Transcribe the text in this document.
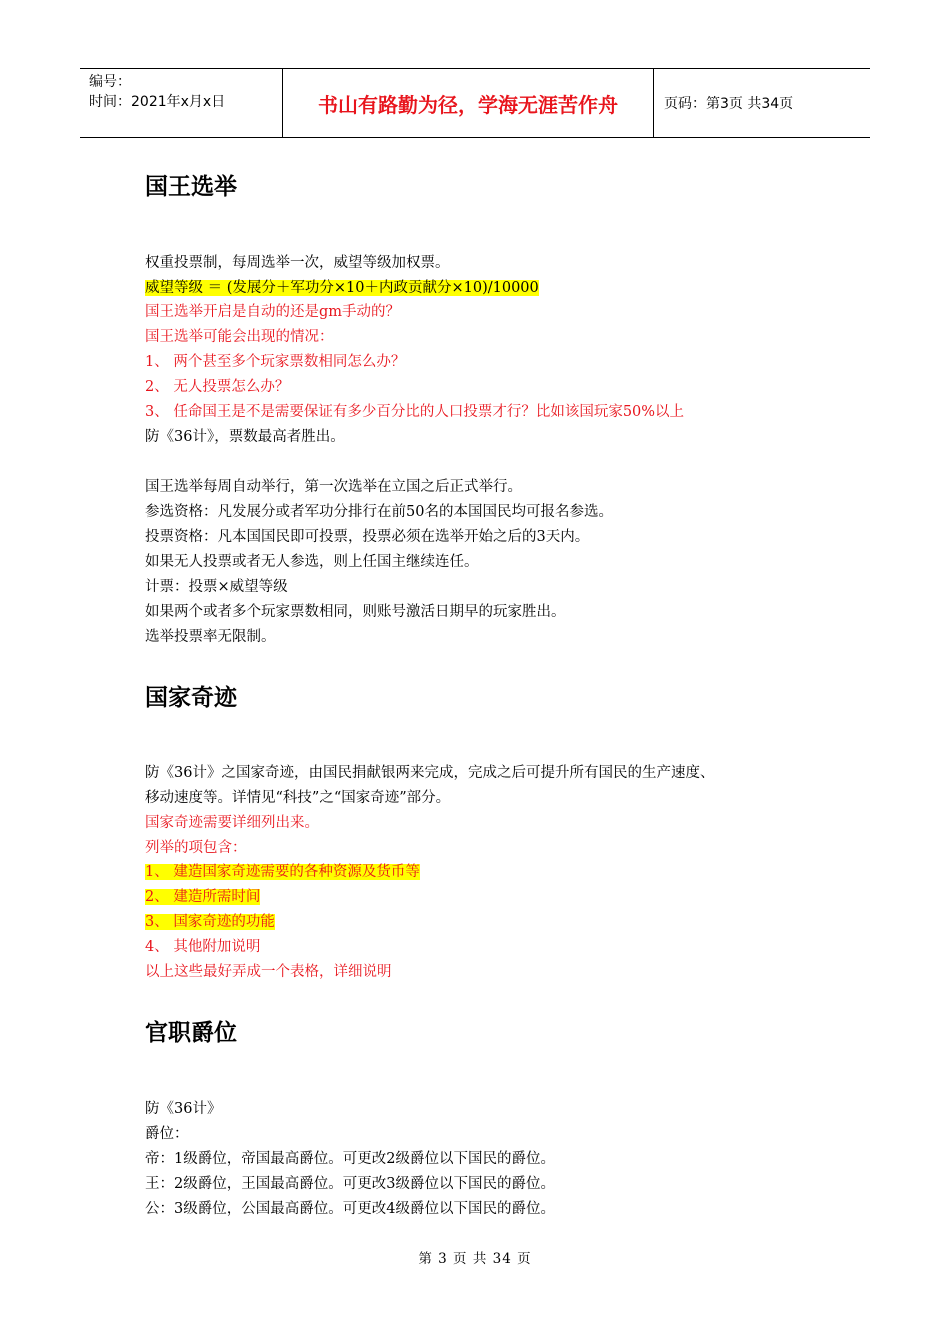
编号：
时间：2021年x月x日	书山有路勤为径，学海无涯苦作舟	页码：第3页 共34页
国王选举
权重投票制，每周选举一次，威望等级加权票。
威望等级 ＝ (发展分＋军功分×10＋内政贡献分×10)/10000
国王选举开启是自动的还是gm手动的？
国王选举可能会出现的情况：
1、 两个甚至多个玩家票数相同怎么办？
2、 无人投票怎么办？
3、 任命国王是不是需要保证有多少百分比的人口投票才行？比如该国玩家50%以上
防《36计》，票数最高者胜出。
国王选举每周自动举行，第一次选举在立国之后正式举行。
参选资格：凡发展分或者军功分排行在前50名的本国国民均可报名参选。
投票资格：凡本国国民即可投票，投票必须在选举开始之后的3天内。
如果无人投票或者无人参选，则上任国主继续连任。
计票：投票×威望等级
如果两个或者多个玩家票数相同，则账号激活日期早的玩家胜出。
选举投票率无限制。
国家奇迹
防《36计》之国家奇迹，由国民捐献银两来完成，完成之后可提升所有国民的生产速度、
移动速度等。详情见“科技”之“国家奇迹”部分。
国家奇迹需要详细列出来。
列举的项包含：
1、 建造国家奇迹需要的各种资源及货币等
2、 建造所需时间
3、 国家奇迹的功能
4、 其他附加说明
以上这些最好弄成一个表格，详细说明
官职爵位
防《36计》
爵位：
帝：1级爵位，帝国最高爵位。可更改2级爵位以下国民的爵位。
王：2级爵位，王国最高爵位。可更改3级爵位以下国民的爵位。
公：3级爵位，公国最高爵位。可更改4级爵位以下国民的爵位。
第 3 页 共 34 页
